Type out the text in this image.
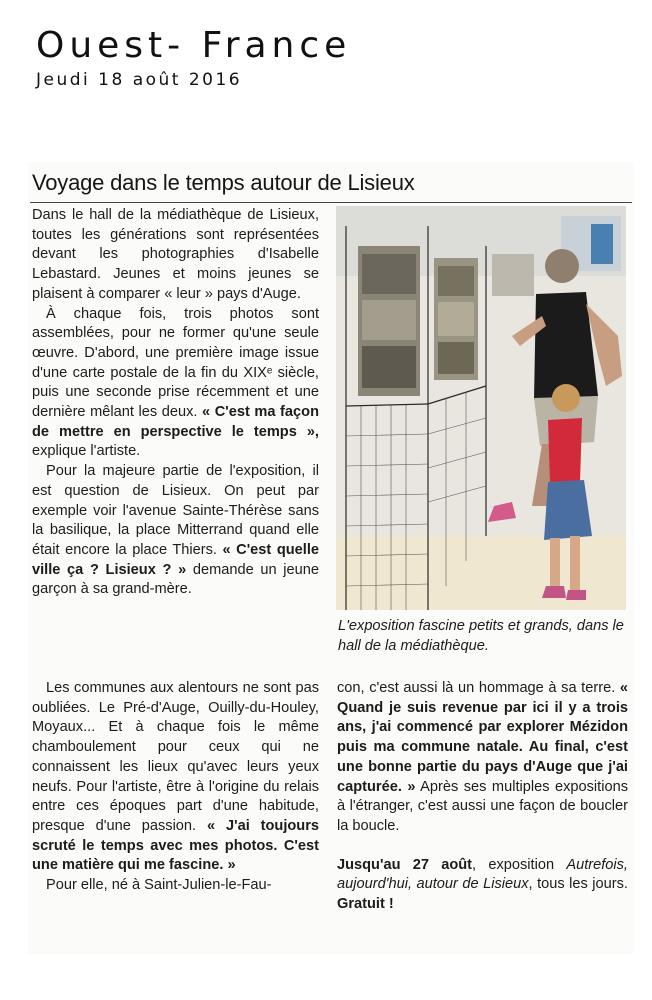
Ouest- France
Jeudi 18 août 2016
Voyage dans le temps autour de Lisieux

Dans le hall de la médiathèque de Lisieux, toutes les générations sont représentées devant les photographies d'Isabelle Lebastard. Jeunes et moins jeunes se plaisent à comparer « leur » pays d'Auge.

À chaque fois, trois photos sont assemblées, pour ne former qu'une seule œuvre. D'abord, une première image issue d'une carte postale de la fin du XIXᵉ siècle, puis une seconde prise récemment et une dernière mêlant les deux. « C'est ma façon de mettre en perspective le temps », explique l'artiste.

Pour la majeure partie de l'exposition, il est question de Lisieux. On peut par exemple voir l'avenue Sainte-Thérèse sans la basilique, la place Mitterrand quand elle était encore la place Thiers. « C'est quelle ville ça ? Lisieux ? » demande un jeune garçon à sa grand-mère.

Les communes aux alentours ne sont pas oubliées. Le Pré-d'Auge, Ouilly-du-Houley, Moyaux... Et à chaque fois le même chamboulement pour ceux qui ne connaissent les lieux qu'avec leurs yeux neufs. Pour l'artiste, être à l'origine du relais entre ces époques part d'une habitude, presque d'une passion. « J'ai toujours scruté le temps avec mes photos. C'est une matière qui me fascine. »

Pour elle, né à Saint-Julien-le-Fau-

L'exposition fascine petits et grands, dans le hall de la médiathèque.

con, c'est aussi là un hommage à sa terre. « Quand je suis revenue par ici il y a trois ans, j'ai commencé par explorer Mézidon puis ma commune natale. Au final, c'est une bonne partie du pays d'Auge que j'ai capturée. » Après ses multiples expositions à l'étranger, c'est aussi une façon de boucler la boucle.

Jusqu'au 27 août, exposition Autrefois, aujourd'hui, autour de Lisieux, tous les jours. Gratuit !
